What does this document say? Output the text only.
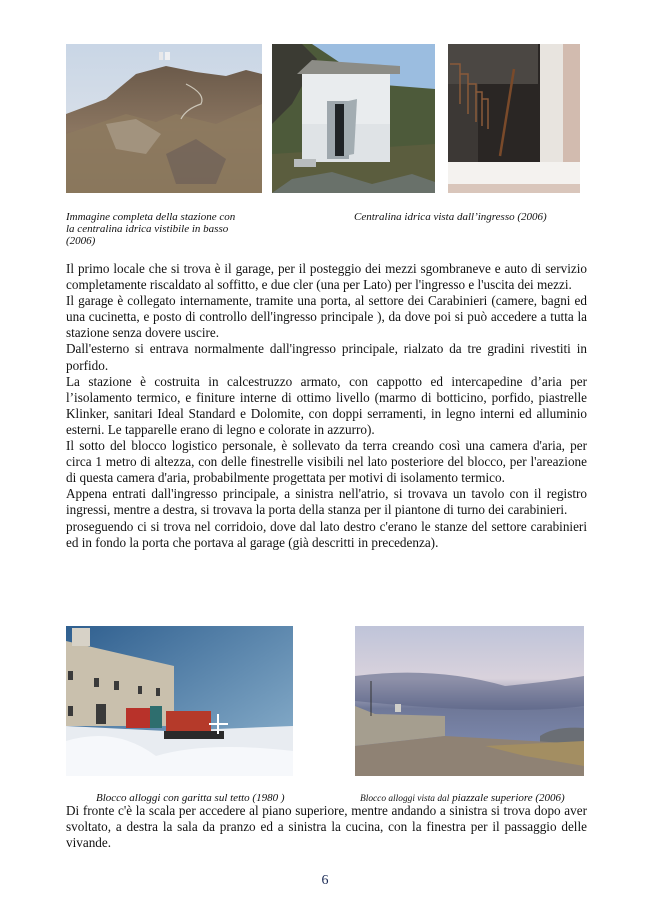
Immagine completa della stazione con la centralina idrica vistibile in basso (2006)
Centralina idrica vista dall’ingresso (2006)

Il primo locale che si trova è il garage, per il posteggio dei mezzi sgombraneve e auto di servizio completamente riscaldato al soffitto, e due cler (una per Lato) per l'ingresso e l'uscita dei mezzi.

Il garage è collegato internamente, tramite una porta, al settore dei Carabinieri (camere, bagni ed una cucinetta, e posto di controllo dell'ingresso principale ), da dove poi si può accedere a tutta la stazione senza dovere uscire.

Dall'esterno si entrava normalmente dall'ingresso principale, rialzato da tre gradini rivestiti in porfido.

La stazione è costruita in calcestruzzo armato, con cappotto ed intercapedine d’aria per l’isolamento termico, e finiture interne di ottimo livello (marmo di botticino, porfido, piastrelle Klinker, sanitari Ideal Standard e Dolomite, con doppi serramenti, in legno interni ed alluminio esterni. Le tapparelle erano di legno e colorate in azzurro).

Il sotto del blocco logistico personale, è sollevato da terra creando così una camera d'aria, per circa 1 metro di altezza, con delle finestrelle visibili nel lato posteriore del blocco, per l'areazione di questa camera d'aria, probabilmente progettata per motivi di isolamento termico.

Appena entrati dall'ingresso principale, a sinistra nell'atrio, si trovava un tavolo con il registro ingressi, mentre a destra, si trovava la porta della stanza per il piantone di turno dei carabinieri.

proseguendo ci si trova nel corridoio, dove dal lato destro c'erano le stanze del settore carabinieri ed in fondo la porta che portava al garage (già descritti in precedenza).

Blocco alloggi con garitta sul tetto (1980 )	Blocco alloggi vista dal piazzale superiore (2006)

Di fronte c'è la scala per accedere al piano superiore, mentre andando a sinistra si trova dopo aver svoltato, a destra la sala da pranzo ed a sinistra la cucina, con la finestra per il passaggio delle vivande.

6
